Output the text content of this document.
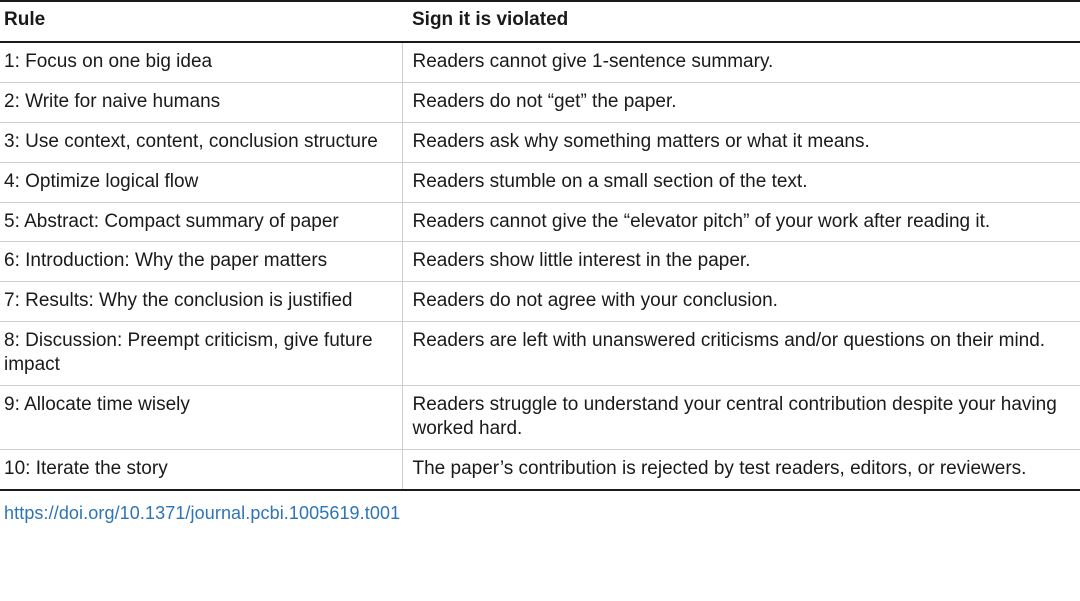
Rule	Sign it is violated
1: Focus on one big idea	Readers cannot give 1-sentence summary.
2: Write for naive humans	Readers do not “get” the paper.
3: Use context, content, conclusion structure	Readers ask why something matters or what it means.
4: Optimize logical flow	Readers stumble on a small section of the text.
5: Abstract: Compact summary of paper	Readers cannot give the “elevator pitch” of your work after reading it.
6: Introduction: Why the paper matters	Readers show little interest in the paper.
7: Results: Why the conclusion is justified	Readers do not agree with your conclusion.
8: Discussion: Preempt criticism, give future impact	Readers are left with unanswered criticisms and/or questions on their mind.
9: Allocate time wisely	Readers struggle to understand your central contribution despite your having worked hard.
10: Iterate the story	The paper’s contribution is rejected by test readers, editors, or reviewers.
https://doi.org/10.1371/journal.pcbi.1005619.t001
